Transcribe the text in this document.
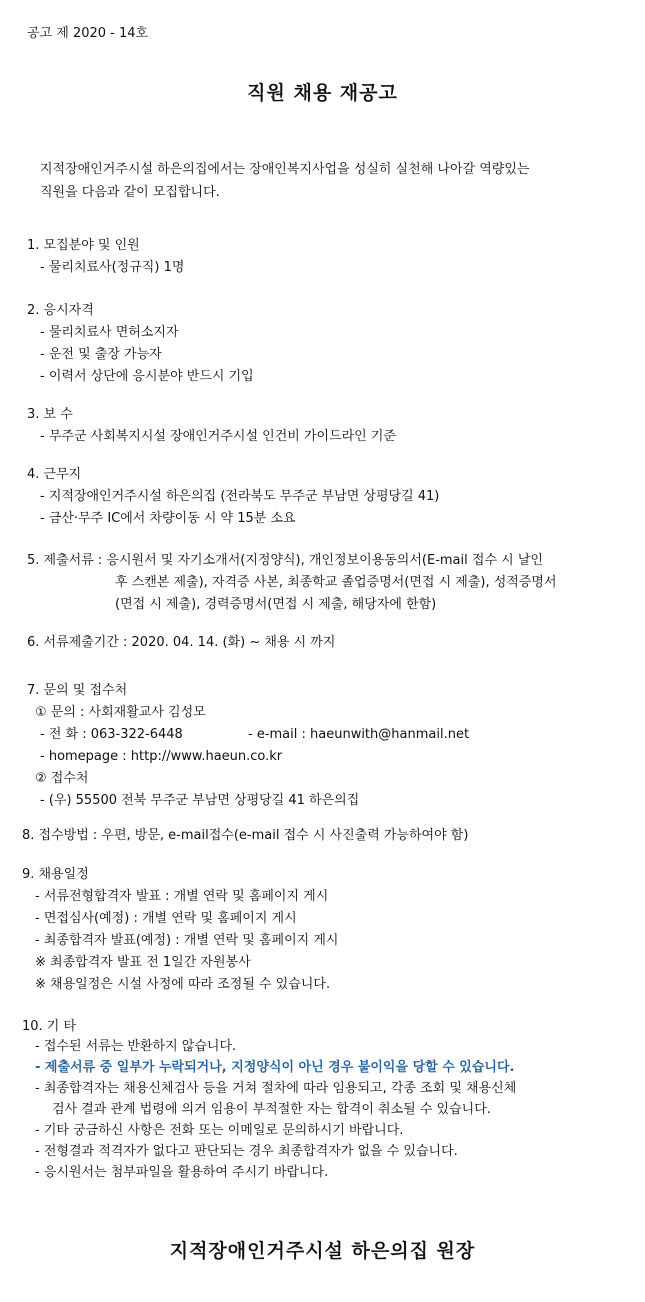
공고 제 2020 - 14호
직원 채용 재공고
지적장애인거주시설 하은의집에서는 장애인복지사업을 성실히 실천해 나아갈 역량있는
직원을 다음과 같이 모집합니다.
1. 모집분야 및 인원
- 물리치료사(정규직) 1명
2. 응시자격
- 물리치료사 면허소지자
- 운전 및 출장 가능자
- 이력서 상단에 응시분야 반드시 기입
3. 보 수
- 무주군 사회복지시설 장애인거주시설 인건비 가이드라인 기준
4. 근무지
- 지적장애인거주시설 하은의집 (전라북도 무주군 부남면 상평당길 41)
- 금산·무주 IC에서 차량이동 시 약 15분 소요
5. 제출서류 : 응시원서 및 자기소개서(지정양식), 개인정보이용동의서(E-mail 접수 시 날인
후 스캔본 제출), 자격증 사본, 최종학교 졸업증명서(면접 시 제출), 성적증명서
(면접 시 제출), 경력증명서(면접 시 제출, 해당자에 한함)
6. 서류제출기간 : 2020. 04. 14. (화) ~ 채용 시 까지
7. 문의 및 접수처
① 문의 : 사회재활교사 김성모
- 전 화 : 063-322-6448	- e-mail : haeunwith@hanmail.net
- homepage : http://www.haeun.co.kr
② 접수처
- (우) 55500 전북 무주군 부남면 상평당길 41 하은의집
8. 접수방법 : 우편, 방문, e-mail접수(e-mail 접수 시 사진출력 가능하여야 함)
9. 채용일정
- 서류전형합격자 발표 : 개별 연락 및 홈페이지 게시
- 면접심사(예정) : 개별 연락 및 홈페이지 게시
- 최종합격자 발표(예정) : 개별 연락 및 홈페이지 게시
※ 최종합격자 발표 전 1일간 자원봉사
※ 채용일정은 시설 사정에 따라 조정될 수 있습니다.
10. 기 타
- 접수된 서류는 반환하지 않습니다.
- 제출서류 중 일부가 누락되거나, 지정양식이 아닌 경우 불이익을 당할 수 있습니다.
- 최종합격자는 채용신체검사 등을 거쳐 절차에 따라 임용되고, 각종 조회 및 채용신체
검사 결과 관계 법령에 의거 임용이 부적절한 자는 합격이 취소될 수 있습니다.
- 기타 궁금하신 사항은 전화 또는 이메일로 문의하시기 바랍니다.
- 전형결과 적격자가 없다고 판단되는 경우 최종합격자가 없을 수 있습니다.
- 응시원서는 첨부파일을 활용하여 주시기 바랍니다.
지적장애인거주시설 하은의집 원장
